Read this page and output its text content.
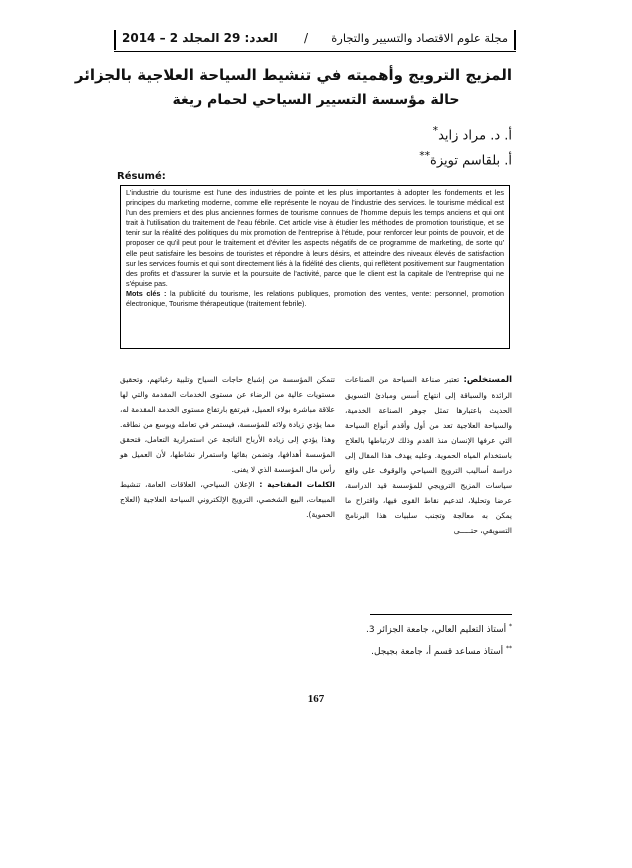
العدد: 29 المجلد 2 – 2014 / مجلة علوم الاقتصاد والتسيير والتجارة
المزيج الترويج وأهميته في تنشيط السياحة العلاجية بالجزائر
حالة مؤسسة التسيير السياحي لحمام ريغة
أ. د. مراد زايد*
أ. بلقاسم تويزة**
Résumé:

L'industrie du tourisme est l'une des industries de pointe et les plus importantes à adopter les fondements et les principes du marketing moderne, comme elle représente le noyau de l'industrie des services. le tourisme médical est l'un des premiers et des plus anciennes formes de tourisme connues de l'homme depuis les temps anciens et qui ont trait à l'utilisation du traitement de l'eau fébrile. Cet article vise à étudier les méthodes de promotion touristique, et se tenir sur la réalité des politiques du mix promotion de l'entreprise à l'étude, pour renforcer leur points de pouvoir, et de proposer ce qu'il peut pour le traitement et d'éviter les aspects négatifs de ce programme de marketing, de sorte qu' elle peut satisfaire les besoins de touristes et répondre à leurs désirs, et atteindre des niveaux élevés de satisfaction sur les services fournis et qui sont directement liés à la fidélité des clients, qui reflètent positivement sur l'augmentation des profits et d'assurer la survie et la poursuite de l'activité, parce que le client est la capitale de l'entreprise qui ne s'épuise pas.

Mots clés : la publicité du tourisme, les relations publiques, promotion des ventes, vente: personnel, promotion électronique, Tourisme thérapeutique (traitement febrile).

المستخلص: تعتبر صناعة السياحة من الصناعات الرائدة والسباقة إلى انتهاج أسس ومبادئ التسويق الحديث باعتبارها تمثل جوهر الصناعة الخدمية، والسياحة العلاجية تعد من أول وأقدم أنواع السياحة التي عرفها الإنسان منذ القدم وذلك لارتباطها بالعلاج باستخدام المياه الحموية. وعليه يهدف هذا المقال إلى دراسة أساليب الترويج السياحي والوقوف على واقع سياسات المزيج الترويجي للمؤسسة قيد الدراسة، عرضا وتحليلا، لتدعيم نقاط القوى فيها، واقتراح ما يمكن به معالجة وتجنب سلبيات هذا البرنامج التسويقي، حتـــــى

تتمكن المؤسسة من إشباع حاجات السياح وتلبية رغباتهم، وتحقيق مستويات عالية من الرضاء عن مستوى الخدمات المقدمة والتي لها علاقة مباشرة بولاء العميل، فيرتفع بارتفاع مستوى الخدمة المقدمة له، مما يؤدي زيادة ولائه للمؤسسة، فيستمر في تعامله ويوسع من نطاقه. وهذا يؤدي إلى زيادة الأرباح الناتجة عن استمرارية التعامل، فتحقق المؤسسة أهدافها، وتضمن بقائها واستمرار نشاطها، لأن العميل هو رأس مال المؤسسة الذي لا يفنى.

الكلمات المفتاحية : الإعلان السياحي، العلاقات العامة، تنشيط المبيعات، البيع الشخصي، الترويج الإلكتروني السياحة العلاجية (العلاج الحموية).

* أستاذ التعليم العالي، جامعة الجزائر 3.
** أستاذ مساعد قسم أ، جامعة بجيجل.
167
